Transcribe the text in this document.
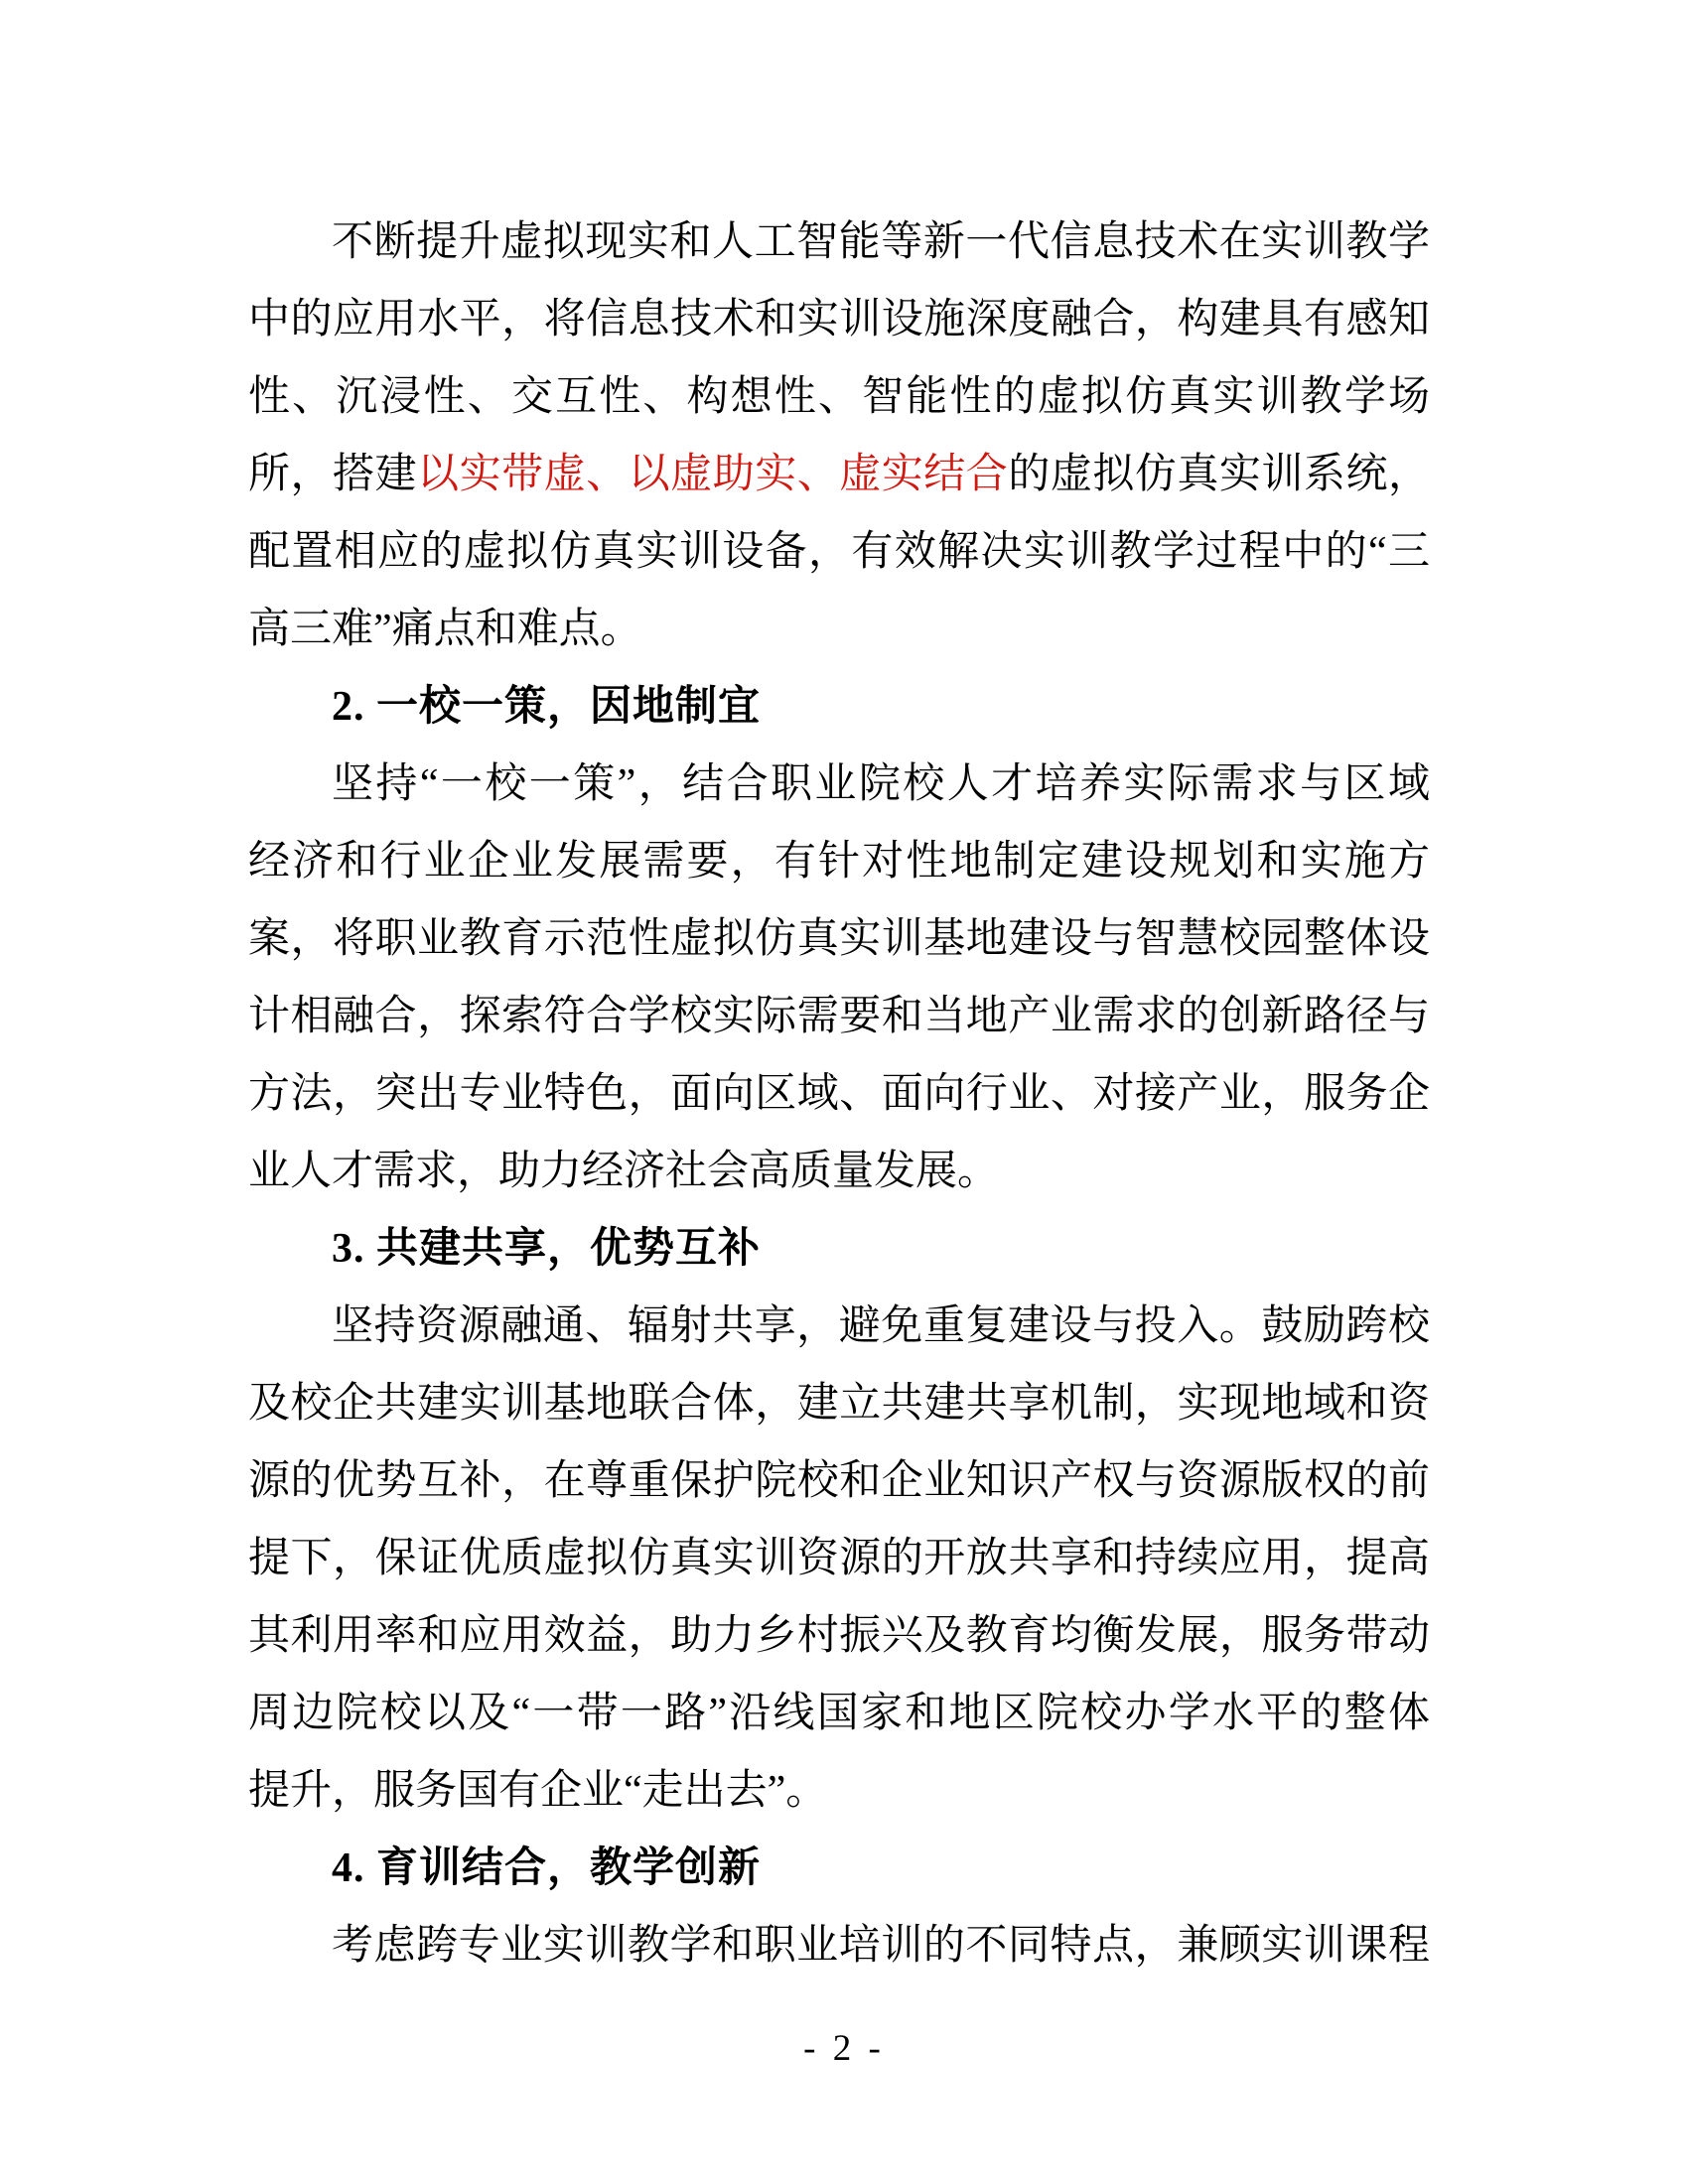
不断提升虚拟现实和人工智能等新一代信息技术在实训教学
中的应用水平，将信息技术和实训设施深度融合，构建具有感知
性、沉浸性、交互性、构想性、智能性的虚拟仿真实训教学场
所，搭建以实带虚、以虚助实、虚实结合的虚拟仿真实训系统，
配置相应的虚拟仿真实训设备，有效解决实训教学过程中的“三
高三难”痛点和难点。
2. 一校一策，因地制宜
坚持“一校一策”，结合职业院校人才培养实际需求与区域
经济和行业企业发展需要，有针对性地制定建设规划和实施方
案，将职业教育示范性虚拟仿真实训基地建设与智慧校园整体设
计相融合，探索符合学校实际需要和当地产业需求的创新路径与
方法，突出专业特色，面向区域、面向行业、对接产业，服务企
业人才需求，助力经济社会高质量发展。
3. 共建共享，优势互补
坚持资源融通、辐射共享，避免重复建设与投入。鼓励跨校
及校企共建实训基地联合体，建立共建共享机制，实现地域和资
源的优势互补，在尊重保护院校和企业知识产权与资源版权的前
提下，保证优质虚拟仿真实训资源的开放共享和持续应用，提高
其利用率和应用效益，助力乡村振兴及教育均衡发展，服务带动
周边院校以及“一带一路”沿线国家和地区院校办学水平的整体
提升，服务国有企业“走出去”。
4. 育训结合，教学创新
考虑跨专业实训教学和职业培训的不同特点，兼顾实训课程
- 2 -
